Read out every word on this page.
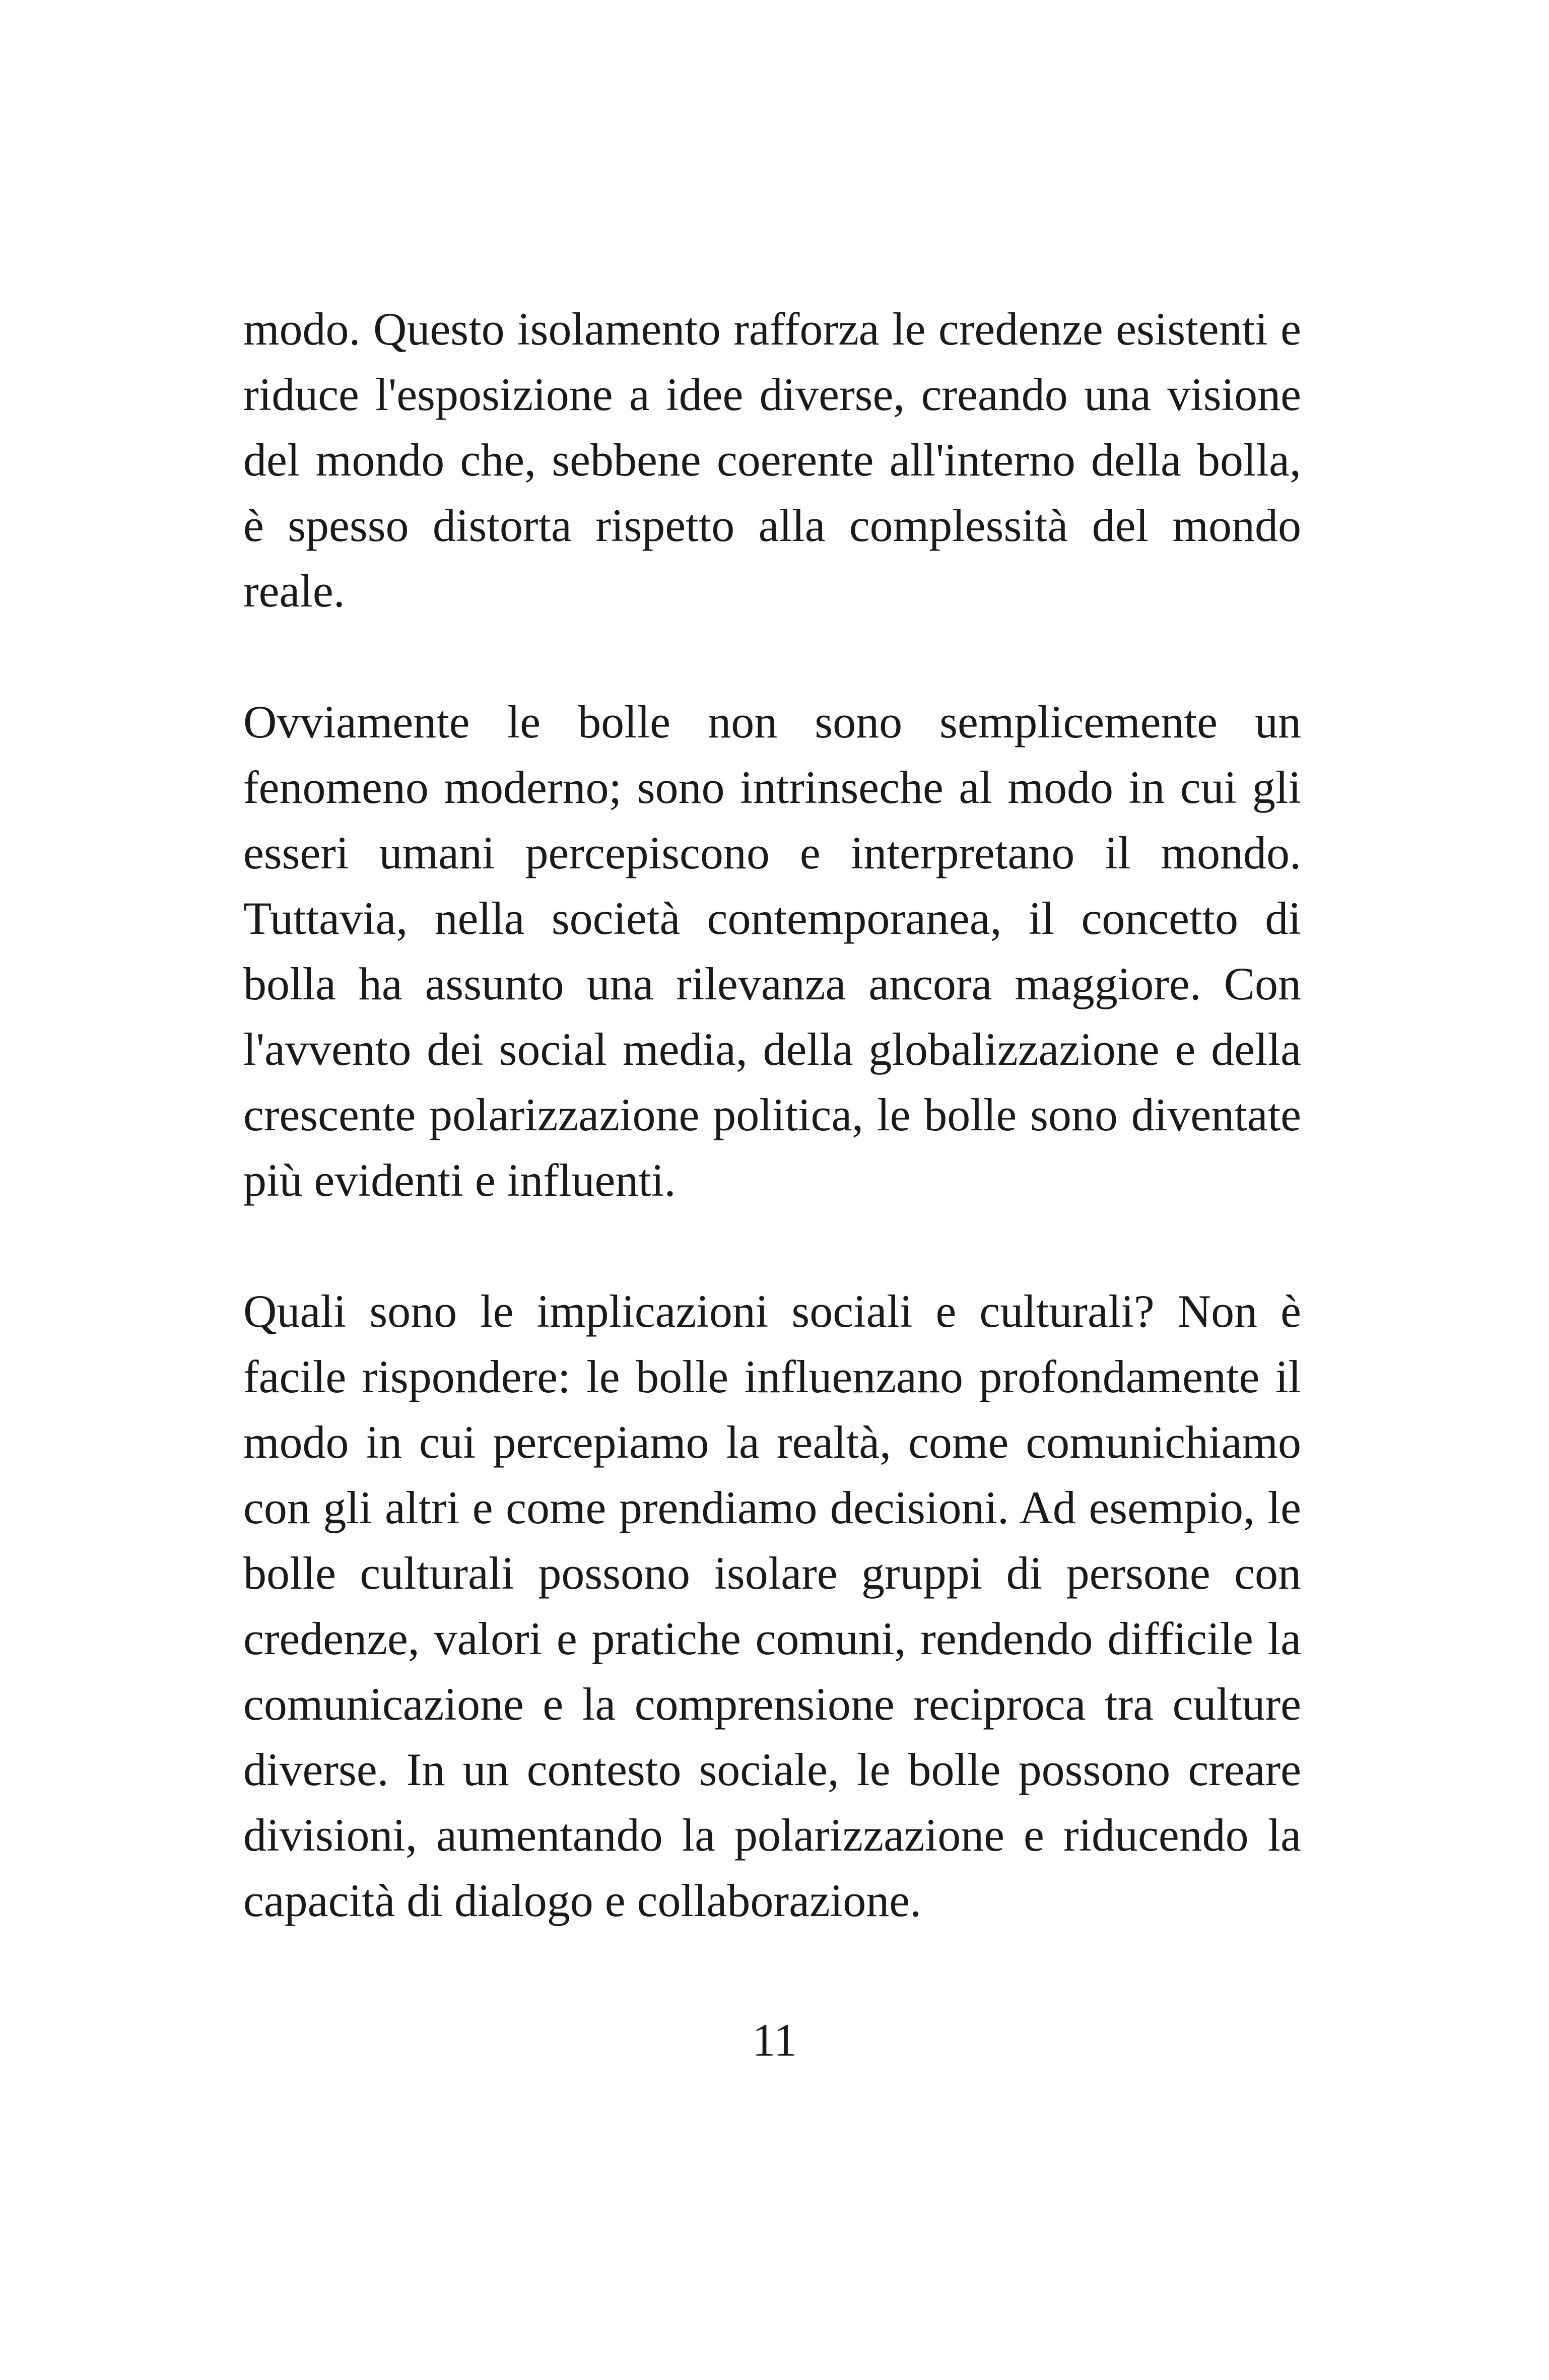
modo. Questo isolamento rafforza le credenze esistenti e riduce l'esposizione a idee diverse, creando una visione del mondo che, sebbene coerente all'interno della bolla, è spesso distorta rispetto alla complessità del mondo reale.

Ovviamente le bolle non sono semplicemente un fenomeno moderno; sono intrinseche al modo in cui gli esseri umani percepiscono e interpretano il mondo. Tuttavia, nella società contemporanea, il concetto di bolla ha assunto una rilevanza ancora maggiore. Con l'avvento dei social media, della globalizzazione e della crescente polarizzazione politica, le bolle sono diventate più evidenti e influenti.

Quali sono le implicazioni sociali e culturali? Non è facile rispondere: le bolle influenzano profondamente il modo in cui percepiamo la realtà, come comunichiamo con gli altri e come prendiamo decisioni. Ad esempio, le bolle culturali possono isolare gruppi di persone con credenze, valori e pratiche comuni, rendendo difficile la comunicazione e la comprensione reciproca tra culture diverse. In un contesto sociale, le bolle possono creare divisioni, aumentando la polarizzazione e riducendo la capacità di dialogo e collaborazione.

11
